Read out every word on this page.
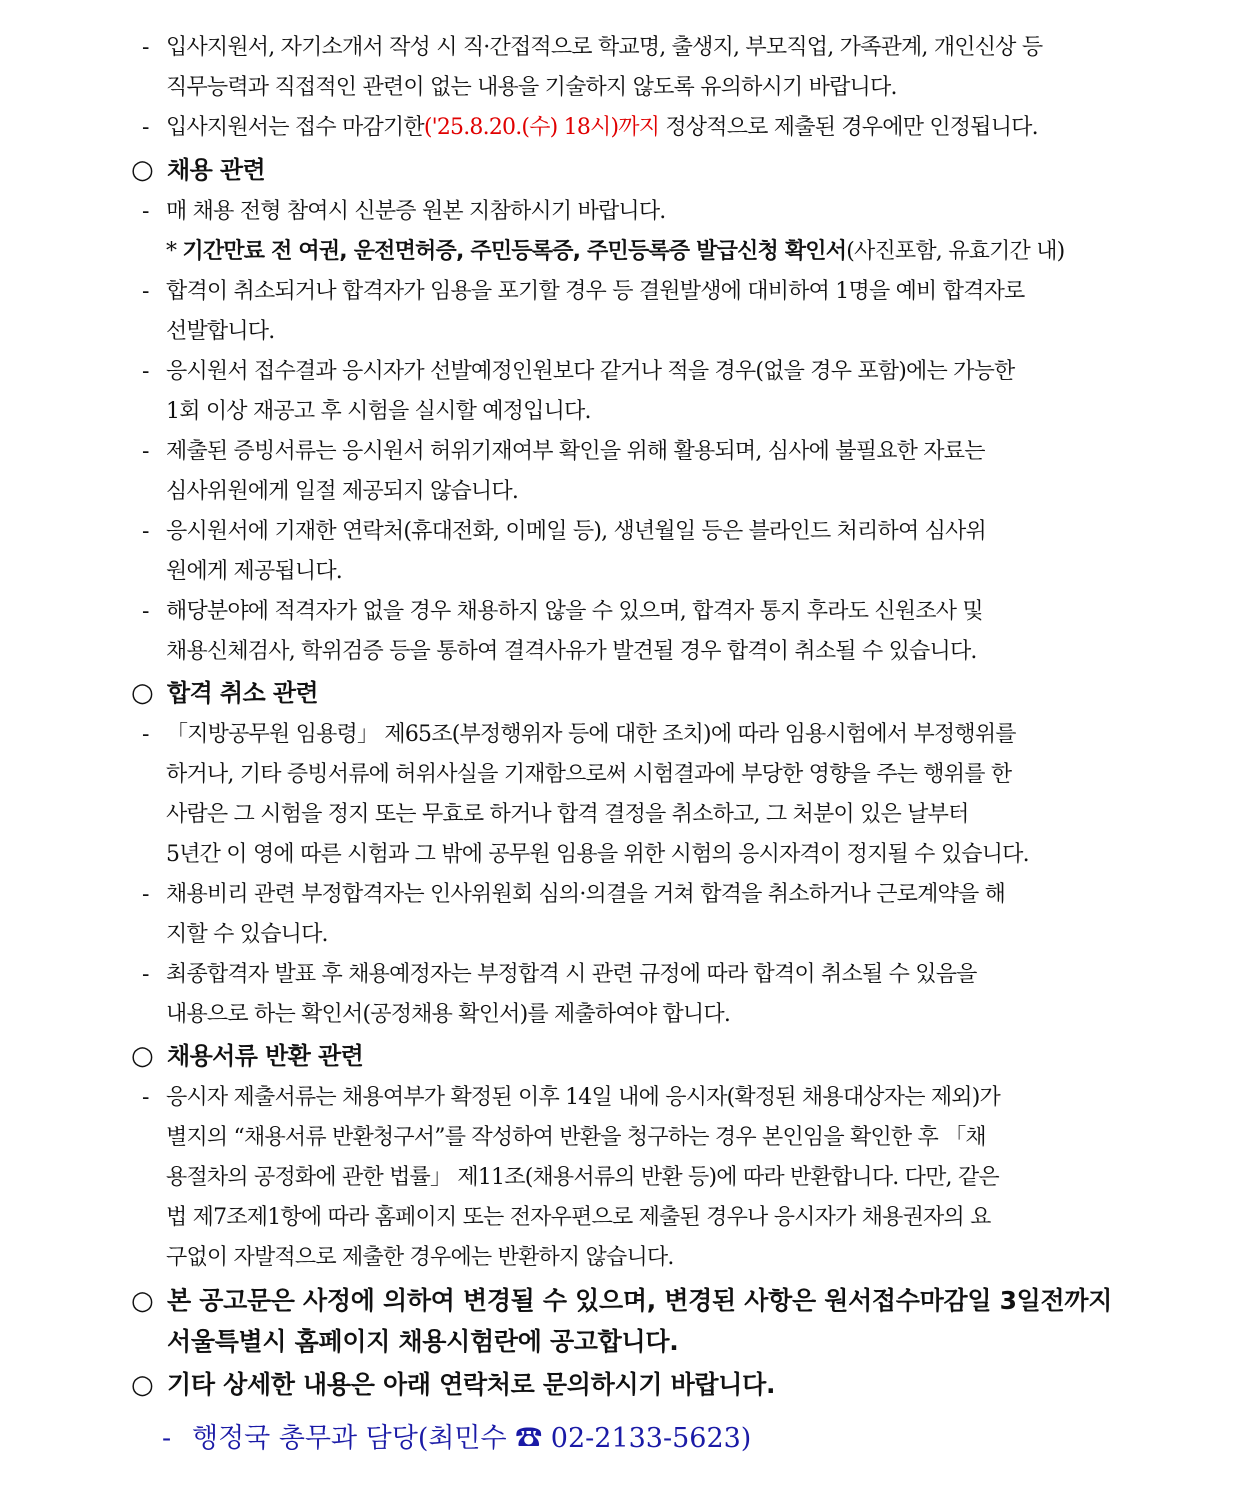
- 입사지원서, 자기소개서 작성 시 직·간접적으로 학교명, 출생지, 부모직업, 가족관계, 개인신상 등
직무능력과 직접적인 관련이 없는 내용을 기술하지 않도록 유의하시기 바랍니다.
- 입사지원서는 접수 마감기한('25.8.20.(수) 18시)까지 정상적으로 제출된 경우에만 인정됩니다.
○ 채용 관련
- 매 채용 전형 참여시 신분증 원본 지참하시기 바랍니다.
* 기간만료 전 여권, 운전면허증, 주민등록증, 주민등록증 발급신청 확인서(사진포함, 유효기간 내)
- 합격이 취소되거나 합격자가 임용을 포기할 경우 등 결원발생에 대비하여 1명을 예비 합격자로
선발합니다.
- 응시원서 접수결과 응시자가 선발예정인원보다 같거나 적을 경우(없을 경우 포함)에는 가능한
1회 이상 재공고 후 시험을 실시할 예정입니다.
- 제출된 증빙서류는 응시원서 허위기재여부 확인을 위해 활용되며, 심사에 불필요한 자료는
심사위원에게 일절 제공되지 않습니다.
- 응시원서에 기재한 연락처(휴대전화, 이메일 등), 생년월일 등은 블라인드 처리하여 심사위
원에게 제공됩니다.
- 해당분야에 적격자가 없을 경우 채용하지 않을 수 있으며, 합격자 통지 후라도 신원조사 및
채용신체검사, 학위검증 등을 통하여 결격사유가 발견될 경우 합격이 취소될 수 있습니다.
○ 합격 취소 관련
- 「지방공무원 임용령」 제65조(부정행위자 등에 대한 조치)에 따라 임용시험에서 부정행위를
하거나, 기타 증빙서류에 허위사실을 기재함으로써 시험결과에 부당한 영향을 주는 행위를 한
사람은 그 시험을 정지 또는 무효로 하거나 합격 결정을 취소하고, 그 처분이 있은 날부터
5년간 이 영에 따른 시험과 그 밖에 공무원 임용을 위한 시험의 응시자격이 정지될 수 있습니다.
- 채용비리 관련 부정합격자는 인사위원회 심의·의결을 거쳐 합격을 취소하거나 근로계약을 해
지할 수 있습니다.
- 최종합격자 발표 후 채용예정자는 부정합격 시 관련 규정에 따라 합격이 취소될 수 있음을
내용으로 하는 확인서(공정채용 확인서)를 제출하여야 합니다.
○ 채용서류 반환 관련
- 응시자 제출서류는 채용여부가 확정된 이후 14일 내에 응시자(확정된 채용대상자는 제외)가
별지의 “채용서류 반환청구서”를 작성하여 반환을 청구하는 경우 본인임을 확인한 후 「채
용절차의 공정화에 관한 법률」 제11조(채용서류의 반환 등)에 따라 반환합니다. 다만, 같은
법 제7조제1항에 따라 홈페이지 또는 전자우편으로 제출된 경우나 응시자가 채용권자의 요
구없이 자발적으로 제출한 경우에는 반환하지 않습니다.
○ 본 공고문은 사정에 의하여 변경될 수 있으며, 변경된 사항은 원서접수마감일 3일전까지
서울특별시 홈페이지 채용시험란에 공고합니다.
○ 기타 상세한 내용은 아래 연락처로 문의하시기 바랍니다.
- 행정국 총무과 담당(최민수 ☎ 02-2133-5623)
